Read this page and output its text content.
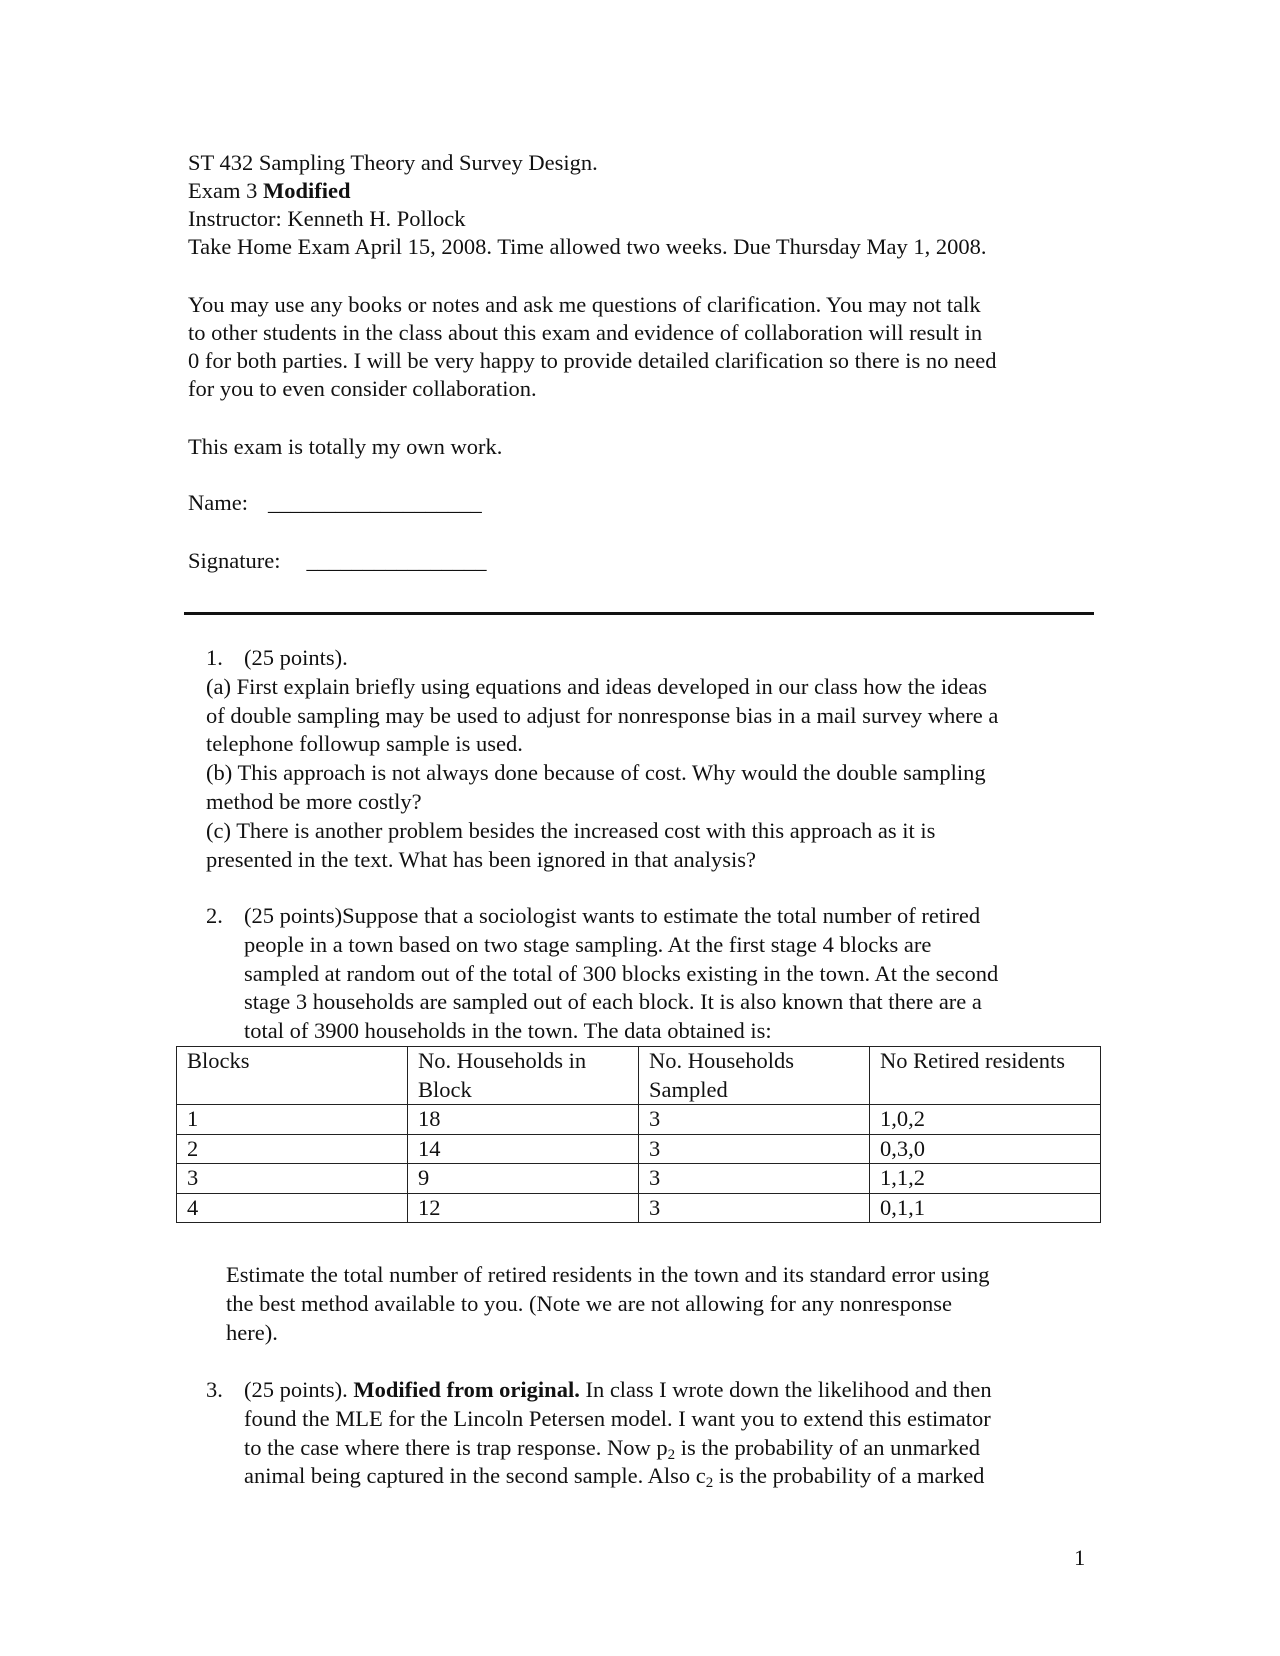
ST 432 Sampling Theory and Survey Design.

Exam 3 Modified

Instructor: Kenneth H. Pollock

Take Home Exam April 15, 2008. Time allowed two weeks. Due Thursday May 1, 2008.

You may use any books or notes and ask me questions of clarification. You may not talk

to other students in the class about this exam and evidence of collaboration will result in

0 for both parties. I will be very happy to provide detailed clarification so there is no need

for you to even consider collaboration.

This exam is totally my own work.

Name: ___________________

Signature: ________________

1. (25 points).
(a) First explain briefly using equations and ideas developed in our class how the ideas
of double sampling may be used to adjust for nonresponse bias in a mail survey where a
telephone followup sample is used.
(b) This approach is not always done because of cost. Why would the double sampling
method be more costly?
(c) There is another problem besides the increased cost with this approach as it is
presented in the text. What has been ignored in that analysis?
2. (25 points)Suppose that a sociologist wants to estimate the total number of retired
people in a town based on two stage sampling. At the first stage 4 blocks are
sampled at random out of the total of 300 blocks existing in the town. At the second
stage 3 households are sampled out of each block. It is also known that there are a
total of 3900 households in the town. The data obtained is:
Blocks	No. Households in Block	No. Households Sampled	No Retired residents
1	18	3	1,0,2
2	14	3	0,3,0
3	9	3	1,1,2
4	12	3	0,1,1
Estimate the total number of retired residents in the town and its standard error using
the best method available to you. (Note we are not allowing for any nonresponse
here).
3. (25 points). Modified from original. In class I wrote down the likelihood and then
found the MLE for the Lincoln Petersen model. I want you to extend this estimator
to the case where there is trap response. Now $p_2$ is the probability of an unmarked
animal being captured in the second sample. Also $c_2$ is the probability of a marked
1
